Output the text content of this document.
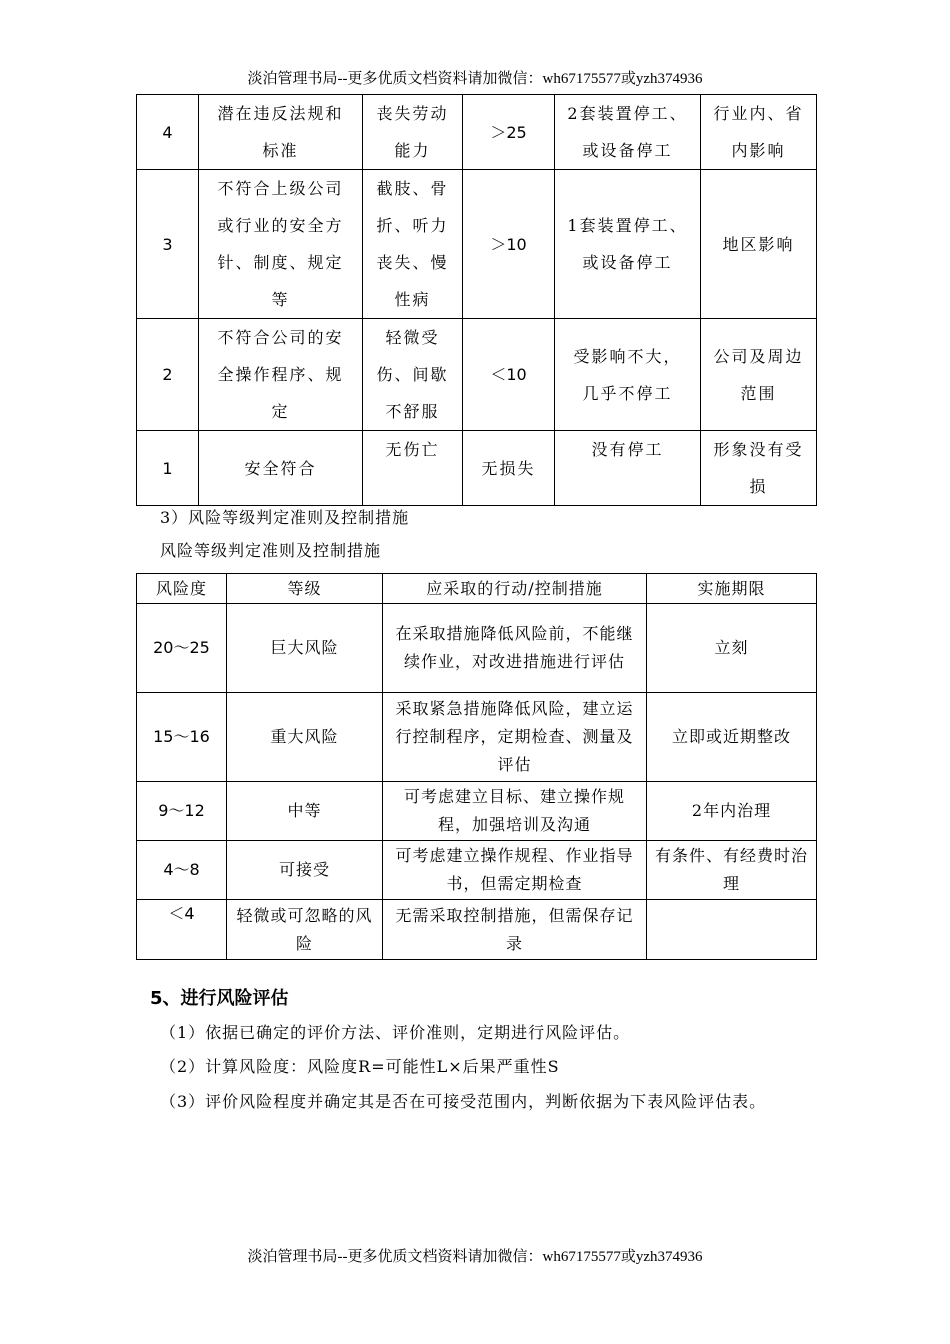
淡泊管理书局--更多优质文档资料请加微信：wh67175577或yzh374936
4	潜在违反法规和标准	丧失劳动能力	＞25	2套装置停工、或设备停工	行业内、省内影响
3	不符合上级公司或行业的安全方针、制度、规定等	截肢、骨折、听力丧失、慢性病	＞10	1套装置停工、或设备停工	地区影响
2	不符合公司的安全操作程序、规定	轻微受伤、间歇不舒服	＜10	受影响不大，几乎不停工	公司及周边范围
1	安全符合	无伤亡	无损失	没有停工	形象没有受损
3）风险等级判定准则及控制措施
风险等级判定准则及控制措施
风险度	等级	应采取的行动/控制措施	实施期限
20～25	巨大风险	在采取措施降低风险前，不能继续作业，对改进措施进行评估	立刻
15～16	重大风险	采取紧急措施降低风险，建立运行控制程序，定期检查、测量及评估	立即或近期整改
9～12	中等	可考虑建立目标、建立操作规程，加强培训及沟通	2年内治理
4～8	可接受	可考虑建立操作规程、作业指导书，但需定期检查	有条件、有经费时治理
＜4	轻微或可忽略的风险	无需采取控制措施，但需保存记录	
5、进行风险评估
（1）依据已确定的评价方法、评价准则，定期进行风险评估。
（2）计算风险度：风险度R=可能性L×后果严重性S
（3）评价风险程度并确定其是否在可接受范围内，判断依据为下表风险评估表。
淡泊管理书局--更多优质文档资料请加微信：wh67175577或yzh374936
